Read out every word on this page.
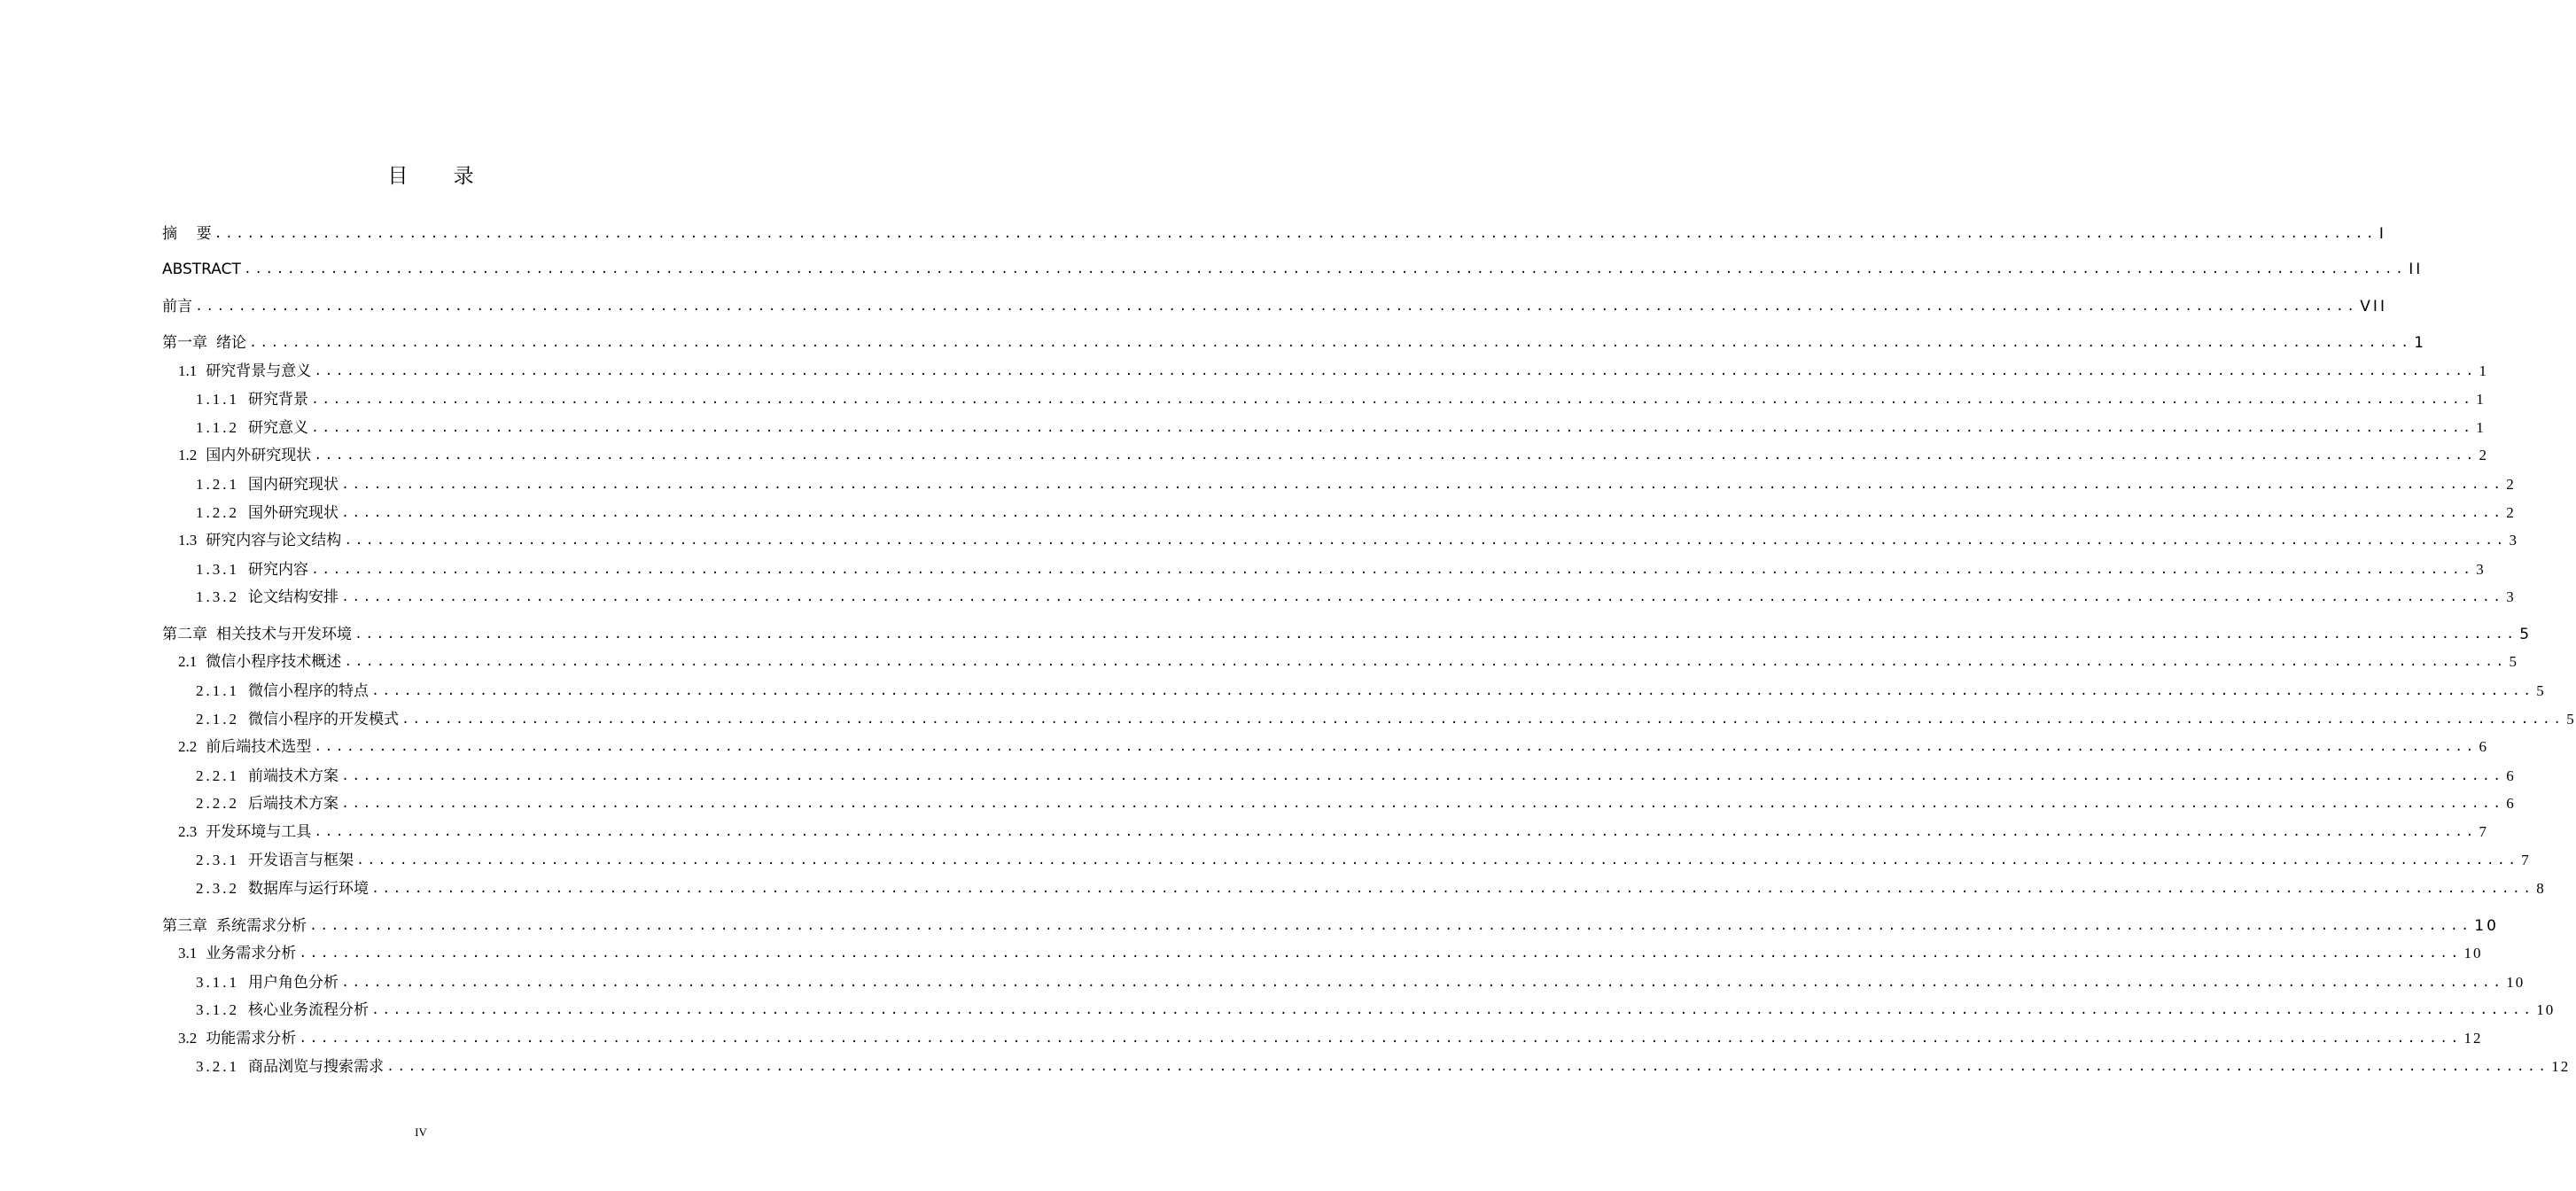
目 录
摘    要 ........................................................................................................................................................................................................ I
ABSTRACT ........................................................................................................................................................................................................ II
前言 ........................................................................................................................................................................................................ VII
第一章 绪论 ........................................................................................................................................................................................................ 1
1.1 研究背景与意义 ........................................................................................................................................................................................................ 1
1.1.1 研究背景 ........................................................................................................................................................................................................ 1
1.1.2 研究意义 ........................................................................................................................................................................................................ 1
1.2 国内外研究现状 ........................................................................................................................................................................................................ 2
1.2.1 国内研究现状 ........................................................................................................................................................................................................ 2
1.2.2 国外研究现状 ........................................................................................................................................................................................................ 2
1.3 研究内容与论文结构 ........................................................................................................................................................................................................ 3
1.3.1 研究内容 ........................................................................................................................................................................................................ 3
1.3.2 论文结构安排 ........................................................................................................................................................................................................ 3
第二章 相关技术与开发环境 ........................................................................................................................................................................................................ 5
2.1 微信小程序技术概述 ........................................................................................................................................................................................................ 5
2.1.1 微信小程序的特点 ........................................................................................................................................................................................................ 5
2.1.2 微信小程序的开发模式 ........................................................................................................................................................................................................ 5
2.2 前后端技术选型 ........................................................................................................................................................................................................ 6
2.2.1 前端技术方案 ........................................................................................................................................................................................................ 6
2.2.2 后端技术方案 ........................................................................................................................................................................................................ 6
2.3 开发环境与工具 ........................................................................................................................................................................................................ 7
2.3.1 开发语言与框架 ........................................................................................................................................................................................................ 7
2.3.2 数据库与运行环境 ........................................................................................................................................................................................................ 8
第三章 系统需求分析 ........................................................................................................................................................................................................ 10
3.1 业务需求分析 ........................................................................................................................................................................................................ 10
3.1.1 用户角色分析 ........................................................................................................................................................................................................ 10
3.1.2 核心业务流程分析 ........................................................................................................................................................................................................ 10
3.2 功能需求分析 ........................................................................................................................................................................................................ 12
3.2.1 商品浏览与搜索需求 ........................................................................................................................................................................................................ 12
IV
